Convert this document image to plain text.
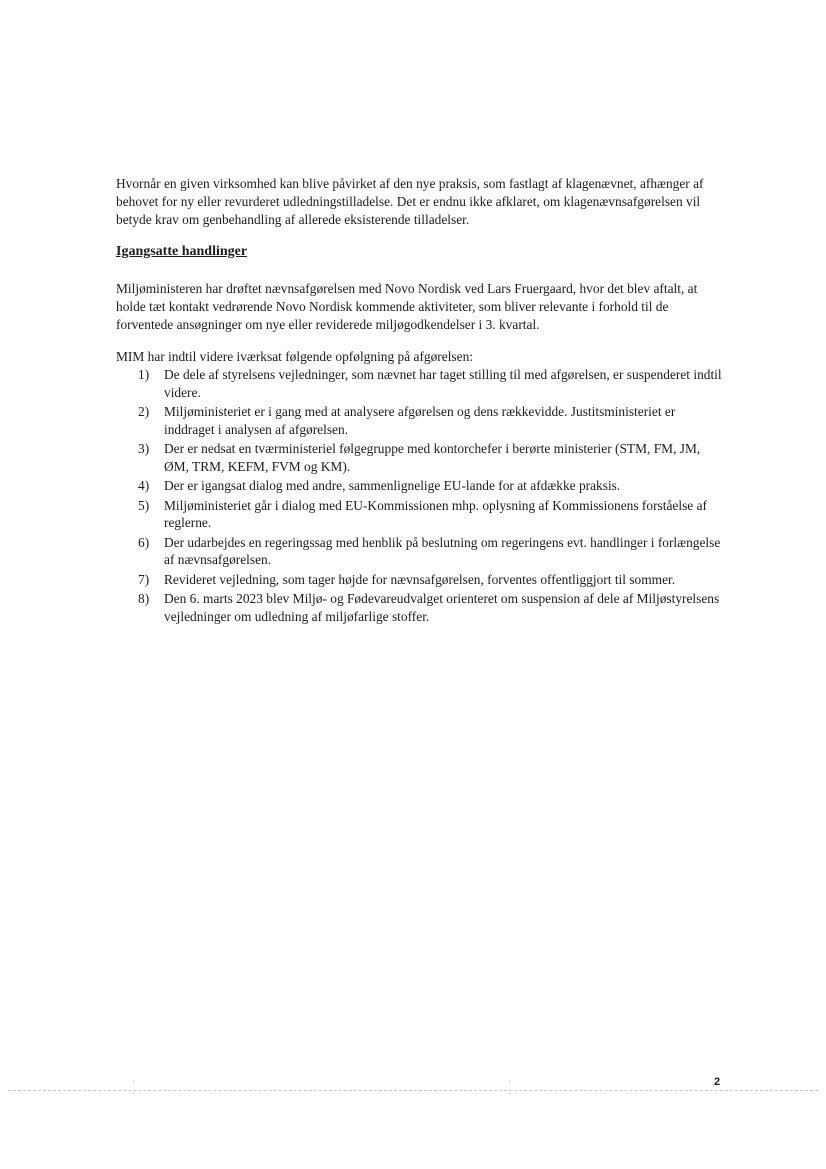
Hvornår en given virksomhed kan blive påvirket af den nye praksis, som fastlagt af klagenævnet, afhænger af behovet for ny eller revurderet udledningstilladelse. Det er endnu ikke afklaret, om klagenævnsafgørelsen vil betyde krav om genbehandling af allerede eksisterende tilladelser.

Igangsatte handlinger

Miljøministeren har drøftet nævnsafgørelsen med Novo Nordisk ved Lars Fruergaard, hvor det blev aftalt, at holde tæt kontakt vedrørende Novo Nordisk kommende aktiviteter, som bliver relevante i forhold til de forventede ansøgninger om nye eller reviderede miljøgodkendelser i 3. kvartal.

MIM har indtil videre iværksat følgende opfølgning på afgørelsen:

1) De dele af styrelsens vejledninger, som nævnet har taget stilling til med afgørelsen, er suspenderet indtil videre.
2) Miljøministeriet er i gang med at analysere afgørelsen og dens rækkevidde. Justitsministeriet er inddraget i analysen af afgørelsen.
3) Der er nedsat en tværministeriel følgegruppe med kontorchefer i berørte ministerier (STM, FM, JM, ØM, TRM, KEFM, FVM og KM).
4) Der er igangsat dialog med andre, sammenlignelige EU-lande for at afdække praksis.
5) Miljøministeriet går i dialog med EU-Kommissionen mhp. oplysning af Kommissionens forståelse af reglerne.
6) Der udarbejdes en regeringssag med henblik på beslutning om regeringens evt. handlinger i forlængelse af nævnsafgørelsen.
7) Revideret vejledning, som tager højde for nævnsafgørelsen, forventes offentliggjort til sommer.
8) Den 6. marts 2023 blev Miljø- og Fødevareudvalget orienteret om suspension af dele af Miljøstyrelsens vejledninger om udledning af miljøfarlige stoffer.
·
·
·
·
2
